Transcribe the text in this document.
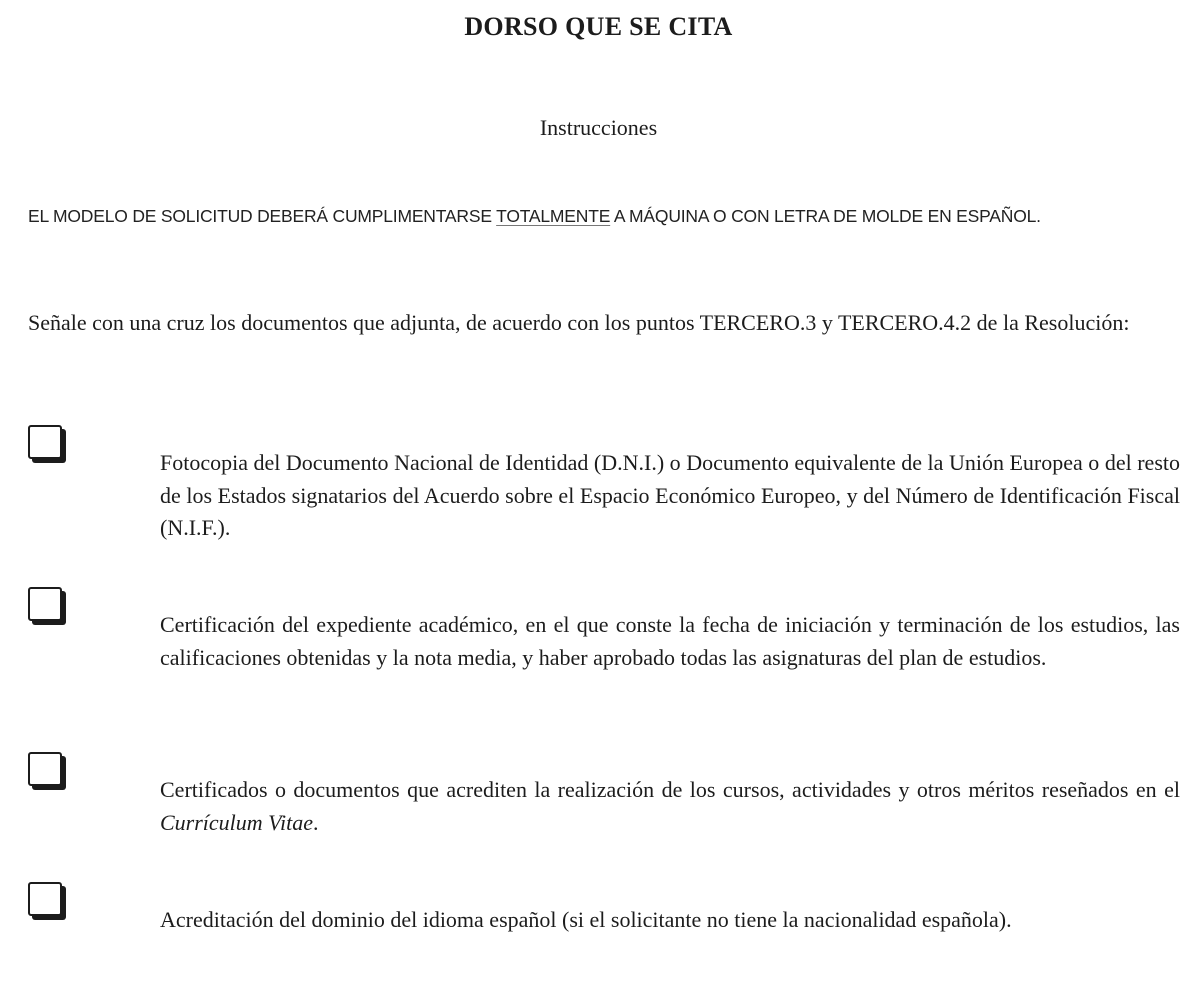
DORSO QUE SE CITA
Instrucciones
EL MODELO DE SOLICITUD DEBERÁ CUMPLIMENTARSE TOTALMENTE A MÁQUINA O CON LETRA DE MOLDE EN ESPAÑOL.
Señale con una cruz los documentos que adjunta, de acuerdo con los puntos TERCERO.3 y TERCERO.4.2 de la Resolución:
Fotocopia del Documento Nacional de Identidad (D.N.I.) o Documento equivalente de la Unión Europea o del resto de los Estados signatarios del Acuerdo sobre el Espacio Económico Europeo, y del Número de Identificación Fiscal (N.I.F.).
Certificación del expediente académico, en el que conste la fecha de iniciación y terminación de los estudios, las calificaciones obtenidas y la nota media, y haber aprobado todas las asignaturas del plan de estudios.
Certificados o documentos que acrediten la realización de los cursos, actividades y otros méritos reseñados en el Currículum Vitae.
Acreditación del dominio del idioma español (si el solicitante no tiene la nacionalidad española).
